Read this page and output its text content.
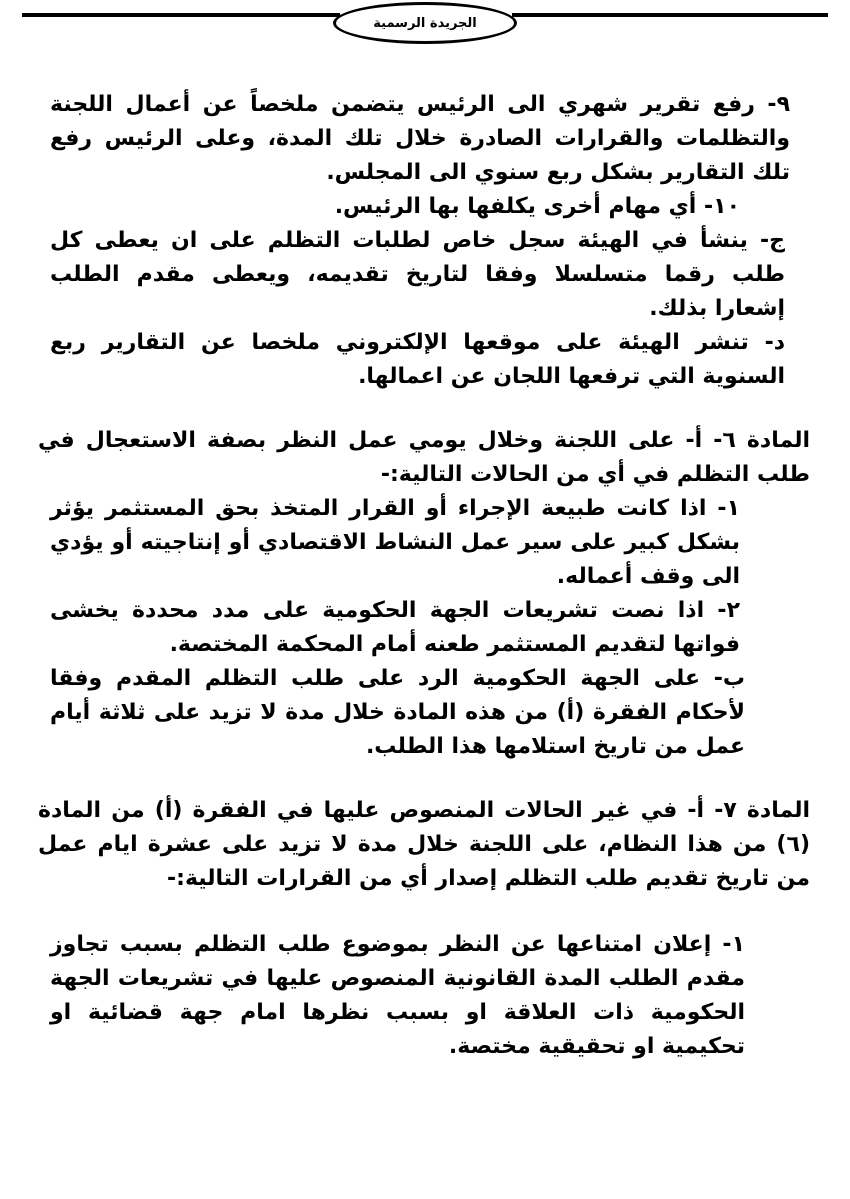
الجريدة الرسمية

٩- رفع تقرير شهري الى الرئيس يتضمن ملخصاً عن أعمال اللجنة والتظلمات والقرارات الصادرة خلال تلك المدة، وعلى الرئيس رفع تلك التقارير بشكل ربع سنوي الى المجلس.

١٠- أي مهام أخرى يكلفها بها الرئيس.

ج- ينشأ في الهيئة سجل خاص لطلبات التظلم على ان يعطى كل طلب رقما متسلسلا وفقا لتاريخ تقديمه، ويعطى مقدم الطلب إشعارا بذلك.

د- تنشر الهيئة على موقعها الإلكتروني ملخصا عن التقارير ربع السنوية التي ترفعها اللجان عن اعمالها.

المادة ٦- أ- على اللجنة وخلال يومي عمل النظر بصفة الاستعجال في طلب التظلم في أي من الحالات التالية:-

١- اذا كانت طبيعة الإجراء أو القرار المتخذ بحق المستثمر يؤثر بشكل كبير على سير عمل النشاط الاقتصادي أو إنتاجيته أو يؤدي الى وقف أعماله.

٢- اذا نصت تشريعات الجهة الحكومية على مدد محددة يخشى فواتها لتقديم المستثمر طعنه أمام المحكمة المختصة.

ب- على الجهة الحكومية الرد على طلب التظلم المقدم وفقا لأحكام الفقرة (أ) من هذه المادة خلال مدة لا تزيد على ثلاثة أيام عمل من تاريخ استلامها هذا الطلب.

المادة ٧- أ- في غير الحالات المنصوص عليها في الفقرة (أ) من المادة (٦) من هذا النظام، على اللجنة خلال مدة لا تزيد على عشرة ايام عمل من تاريخ تقديم طلب التظلم إصدار أي من القرارات التالية:-

١- إعلان امتناعها عن النظر بموضوع طلب التظلم بسبب تجاوز مقدم الطلب المدة القانونية المنصوص عليها في تشريعات الجهة الحكومية ذات العلاقة او بسبب نظرها امام جهة قضائية او تحكيمية او تحقيقية مختصة.
